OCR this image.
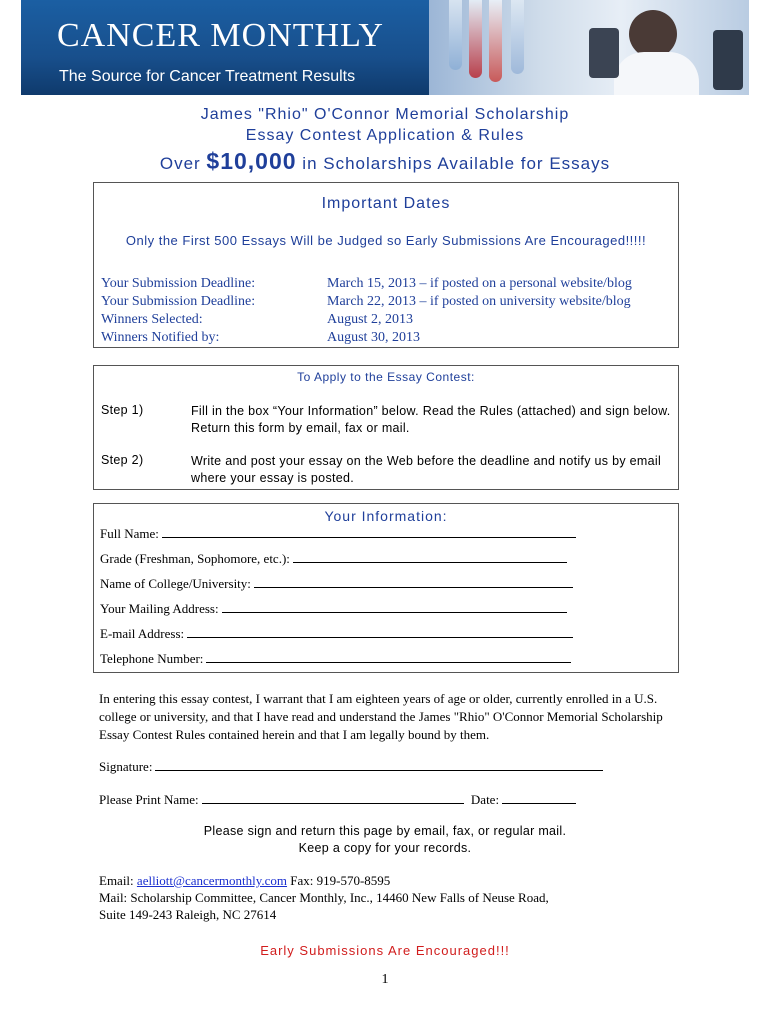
CANCER MONTHLY
The Source for Cancer Treatment Results
James "Rhio" O'Connor Memorial Scholarship
Essay Contest Application & Rules
Over $10,000 in Scholarships Available for Essays
Important Dates
Only the First 500 Essays Will be Judged so Early Submissions Are Encouraged!!!!!
Your Submission Deadline:	March 15, 2013 – if posted on a personal website/blog
Your Submission Deadline:	March 22, 2013 – if posted on university website/blog
Winners Selected:	August 2, 2013
Winners Notified by:	August 30, 2013
To Apply to the Essay Contest:
Step 1)	Fill in the box “Your Information” below. Read the Rules (attached) and sign below. Return this form by email, fax or mail.
Step 2)	Write and post your essay on the Web before the deadline and notify us by email where your essay is posted.
Your Information:
Full Name:
Grade (Freshman, Sophomore, etc.):
Name of College/University:
Your Mailing Address:
E-mail Address:
Telephone Number:
In entering this essay contest, I warrant that I am eighteen years of age or older, currently enrolled in a U.S. college or university, and that I have read and understand the James "Rhio" O'Connor Memorial Scholarship Essay Contest Rules contained herein and that I am legally bound by them.
Signature:
Please Print Name:	Date:
Please sign and return this page by email, fax, or regular mail.
Keep a copy for your records.
Email: aelliott@cancermonthly.com Fax: 919-570-8595
Mail: Scholarship Committee, Cancer Monthly, Inc., 14460 New Falls of Neuse Road,
Suite 149-243 Raleigh, NC 27614
Early Submissions Are Encouraged!!!
1
